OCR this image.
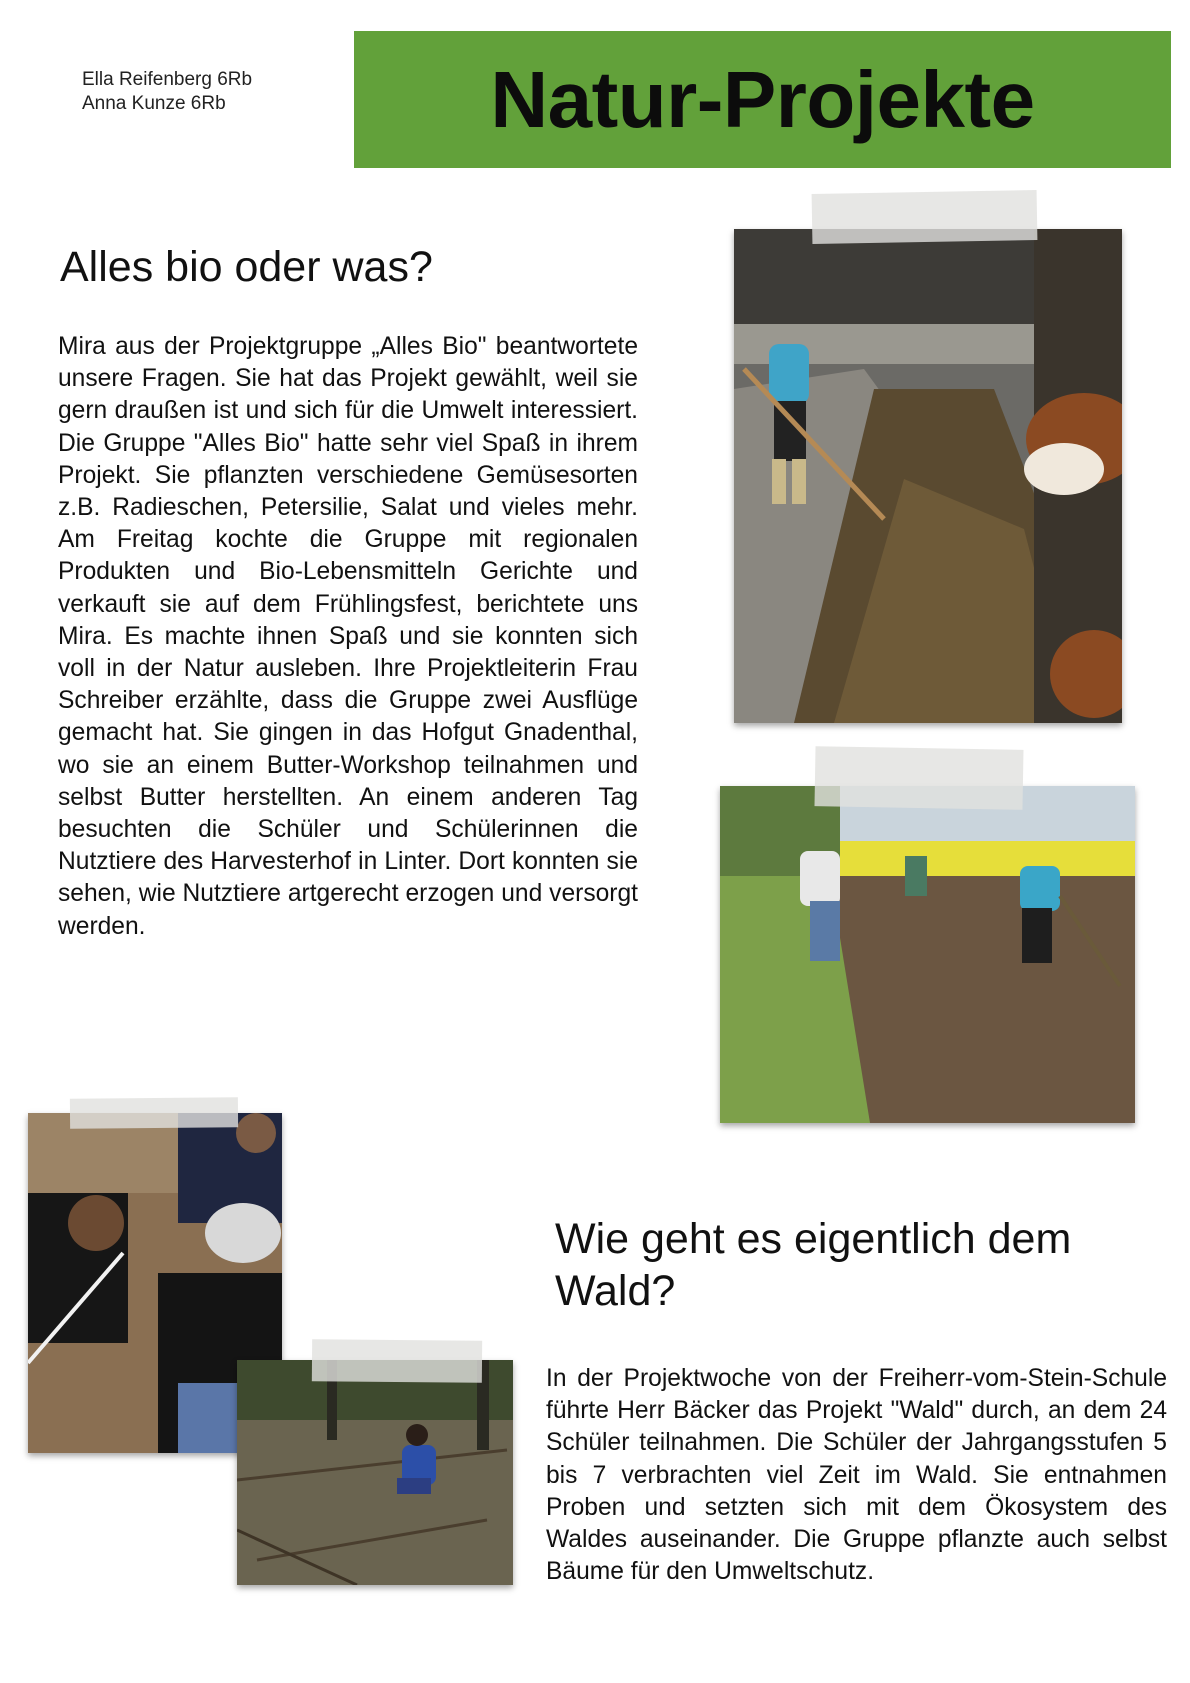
Ella Reifenberg 6Rb
Anna Kunze 6Rb	Natur-Projekte
Alles bio oder was?

Mira aus der Projektgruppe „Alles Bio" beantwortete unsere Fragen. Sie hat das Projekt gewählt, weil sie gern draußen ist und sich für die Umwelt interessiert. Die Gruppe "Alles Bio" hatte sehr viel Spaß in ihrem Projekt. Sie pflanzten verschiedene Gemüsesorten z.B. Radieschen, Petersilie, Salat und vieles mehr. Am Freitag kochte die Gruppe mit regionalen Produkten und Bio-Lebensmitteln Gerichte und verkauft sie auf dem Frühlingsfest, berichtete uns Mira. Es machte ihnen Spaß und sie konnten sich voll in der Natur ausleben. Ihre Projektleiterin Frau Schreiber erzählte, dass die Gruppe zwei Ausflüge gemacht hat. Sie gingen in das Hofgut Gnadenthal, wo sie an einem Butter-Workshop teilnahmen und selbst Butter herstellten. An einem anderen Tag besuchten die Schüler und Schülerinnen die Nutztiere des Harvesterhof in Linter. Dort konnten sie sehen, wie Nutztiere artgerecht erzogen und versorgt werden.

Wie geht es eigentlich dem Wald?

In der Projektwoche von der Freiherr-vom-Stein-Schule führte Herr Bäcker das Projekt "Wald" durch, an dem 24 Schüler teilnahmen. Die Schüler der Jahrgangsstufen 5 bis 7 verbrachten viel Zeit im Wald. Sie entnahmen Proben und setzten sich mit dem Ökosystem des Waldes auseinander. Die Gruppe pflanzte auch selbst Bäume für den Umweltschutz.
